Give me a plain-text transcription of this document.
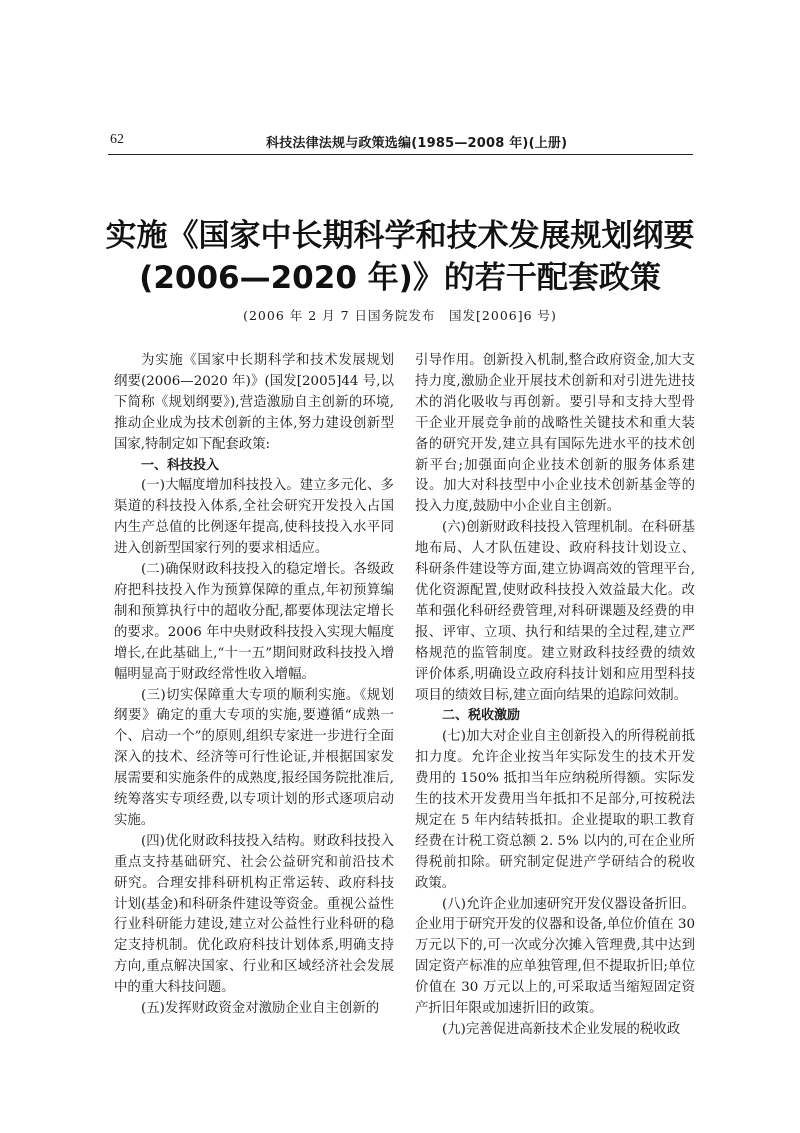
62	科技法律法规与政策选编(1985—2008 年)(上册)
实施《国家中长期科学和技术发展规划纲要
(2006—2020 年)》的若干配套政策
(2006 年 2 月 7 日国务院发布　国发[2006]6 号)

为实施《国家中长期科学和技术发展规划纲要(2006—2020 年)》(国发[2005]44 号,以下简称《规划纲要》),营造激励自主创新的环境,推动企业成为技术创新的主体,努力建设创新型国家,特制定如下配套政策:

一、科技投入

(一)大幅度增加科技投入。建立多元化、多渠道的科技投入体系,全社会研究开发投入占国内生产总值的比例逐年提高,使科技投入水平同进入创新型国家行列的要求相适应。

(二)确保财政科技投入的稳定增长。各级政府把科技投入作为预算保障的重点,年初预算编制和预算执行中的超收分配,都要体现法定增长的要求。2006 年中央财政科技投入实现大幅度增长,在此基础上,“十一五”期间财政科技投入增幅明显高于财政经常性收入增幅。

(三)切实保障重大专项的顺利实施。《规划纲要》确定的重大专项的实施,要遵循“成熟一个、启动一个”的原则,组织专家进一步进行全面深入的技术、经济等可行性论证,并根据国家发展需要和实施条件的成熟度,报经国务院批准后,统筹落实专项经费,以专项计划的形式逐项启动实施。

(四)优化财政科技投入结构。财政科技投入重点支持基础研究、社会公益研究和前沿技术研究。合理安排科研机构正常运转、政府科技计划(基金)和科研条件建设等资金。重视公益性行业科研能力建设,建立对公益性行业科研的稳定支持机制。优化政府科技计划体系,明确支持方向,重点解决国家、行业和区域经济社会发展中的重大科技问题。

(五)发挥财政资金对激励企业自主创新的

引导作用。创新投入机制,整合政府资金,加大支持力度,激励企业开展技术创新和对引进先进技术的消化吸收与再创新。要引导和支持大型骨干企业开展竞争前的战略性关键技术和重大装备的研究开发,建立具有国际先进水平的技术创新平台;加强面向企业技术创新的服务体系建设。加大对科技型中小企业技术创新基金等的投入力度,鼓励中小企业自主创新。

(六)创新财政科技投入管理机制。在科研基地布局、人才队伍建设、政府科技计划设立、科研条件建设等方面,建立协调高效的管理平台,优化资源配置,使财政科技投入效益最大化。改革和强化科研经费管理,对科研课题及经费的申报、评审、立项、执行和结果的全过程,建立严格规范的监管制度。建立财政科技经费的绩效评价体系,明确设立政府科技计划和应用型科技项目的绩效目标,建立面向结果的追踪问效制。

二、税收激励

(七)加大对企业自主创新投入的所得税前抵扣力度。允许企业按当年实际发生的技术开发费用的 150% 抵扣当年应纳税所得额。实际发生的技术开发费用当年抵扣不足部分,可按税法规定在 5 年内结转抵扣。企业提取的职工教育经费在计税工资总额 2. 5% 以内的,可在企业所得税前扣除。研究制定促进产学研结合的税收政策。

(八)允许企业加速研究开发仪器设备折旧。企业用于研究开发的仪器和设备,单位价值在 30 万元以下的,可一次或分次摊入管理费,其中达到固定资产标准的应单独管理,但不提取折旧;单位价值在 30 万元以上的,可采取适当缩短固定资产折旧年限或加速折旧的政策。

(九)完善促进高新技术企业发展的税收政
